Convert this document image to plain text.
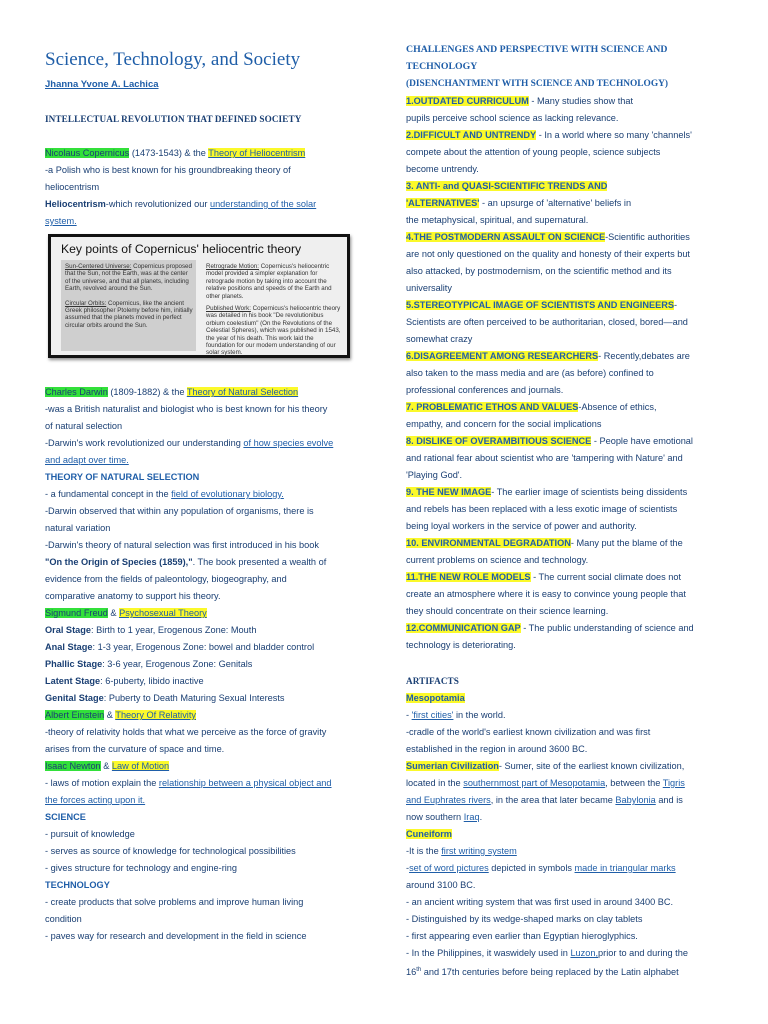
Science, Technology, and Society
Jhanna Yvone A. Lachica
INTELLECTUAL REVOLUTION THAT DEFINED SOCIETY
Nicolaus Copernicus (1473-1543) & the Theory of Heliocentrism
-a Polish who is best known for his groundbreaking theory of
heliocentrism
Heliocentrism-which revolutionized our understanding of the solar
system.
Key points of Copernicus' heliocentric theory
Sun-Centered Universe: Copernicus proposed that the Sun, not the Earth, was at the center of the universe, and that all planets, including Earth, revolved around the Sun.
Circular Orbits: Copernicus, like the ancient Greek philosopher Ptolemy before him, initially assumed that the planets moved in perfect circular orbits around the Sun.
Retrograde Motion: Copernicus's heliocentric model provided a simpler explanation for retrograde motion by taking into account the relative positions and speeds of the Earth and other planets.
Published Work: Copernicus's heliocentric theory was detailed in his book "De revolutionibus orbium coelestium" (On the Revolutions of the Celestial Spheres), which was published in 1543, the year of his death. This work laid the foundation for our modern understanding of our solar system.
Charles Darwin (1809-1882) & the Theory of Natural Selection
-was a British naturalist and biologist who is best known for his theory
of natural selection
-Darwin's work revolutionized our understanding of how species evolve
and adapt over time.
THEORY OF NATURAL SELECTION
- a fundamental concept in the field of evolutionary biology.
-Darwin observed that within any population of organisms, there is
natural variation
-Darwin's theory of natural selection was first introduced in his book
"On the Origin of Species (1859),". The book presented a wealth of
evidence from the fields of paleontology, biogeography, and
comparative anatomy to support his theory.
Sigmund Freud & Psychosexual Theory
Oral Stage: Birth to 1 year, Erogenous Zone: Mouth
Anal Stage: 1-3 year, Erogenous Zone: bowel and bladder control
Phallic Stage: 3-6 year, Erogenous Zone: Genitals
Latent Stage: 6-puberty, libido inactive
Genital Stage: Puberty to Death Maturing Sexual Interests
Albert Einstein & Theory Of Relativity
-theory of relativity holds that what we perceive as the force of gravity
arises from the curvature of space and time.
Isaac Newton & Law of Motion
- laws of motion explain the relationship between a physical object and
the forces acting upon it.
SCIENCE
- pursuit of knowledge
- serves as source of knowledge for technological possibilities
- gives structure for technology and engine-ring
TECHNOLOGY
- create products that solve problems and improve human living
condition
- paves way for research and development in the field in science
CHALLENGES AND PERSPECTIVE WITH SCIENCE AND
TECHNOLOGY
(DISENCHANTMENT WITH SCIENCE AND TECHNOLOGY)
1.OUTDATED CURRICULUM - Many studies show that
pupils perceive school science as lacking relevance.
2.DIFFICULT AND UNTRENDY - In a world where so many 'channels'
compete about the attention of young people, science subjects
become untrendy.
3. ANTI- and QUASI-SCIENTIFIC TRENDS AND
'ALTERNATIVES' - an upsurge of 'alternative' beliefs in
the metaphysical, spiritual, and supernatural.
4.THE POSTMODERN ASSAULT ON SCIENCE-Scientific authorities
are not only questioned on the quality and honesty of their experts but
also attacked, by postmodernism, on the scientific method and its
universality
5.STEREOTYPICAL IMAGE OF SCIENTISTS AND ENGINEERS-
Scientists are often perceived to be authoritarian, closed, bored—and
somewhat crazy
6.DISAGREEMENT AMONG RESEARCHERS- Recently,debates are
also taken to the mass media and are (as before) confined to
professional conferences and journals.
7. PROBLEMATIC ETHOS AND VALUES-Absence of ethics,
empathy, and concern for the social implications
8. DISLIKE OF OVERAMBITIOUS SCIENCE - People have emotional
and rational fear about scientist who are 'tampering with Nature' and
'Playing God'.
9. THE NEW IMAGE- The earlier image of scientists being dissidents
and rebels has been replaced with a less exotic image of scientists
being loyal workers in the service of power and authority.
10. ENVIRONMENTAL DEGRADATION- Many put the blame of the
current problems on science and technology.
11.THE NEW ROLE MODELS - The current social climate does not
create an atmosphere where it is easy to convince young people that
they should concentrate on their science learning.
12.COMMUNICATION GAP - The public understanding of science and
technology is deteriorating.
ARTIFACTS
Mesopotamia
- 'first cities' in the world.
-cradle of the world's earliest known civilization and was first
established in the region in around 3600 BC.
Sumerian Civilization- Sumer, site of the earliest known civilization,
located in the southernmost part of Mesopotamia, between the Tigris
and Euphrates rivers, in the area that later became Babylonia and is
now southern Iraq.
Cuneiform
-It is the first writing system
-set of word pictures depicted in symbols made in triangular marks
around 3100 BC.
- an ancient writing system that was first used in around 3400 BC.
- Distinguished by its wedge-shaped marks on clay tablets
- first appearing even earlier than Egyptian hieroglyphics.
- In the Philippines, it waswidely used in Luzon,prior to and during the
16th and 17th centuries before being replaced by the Latin alphabet
